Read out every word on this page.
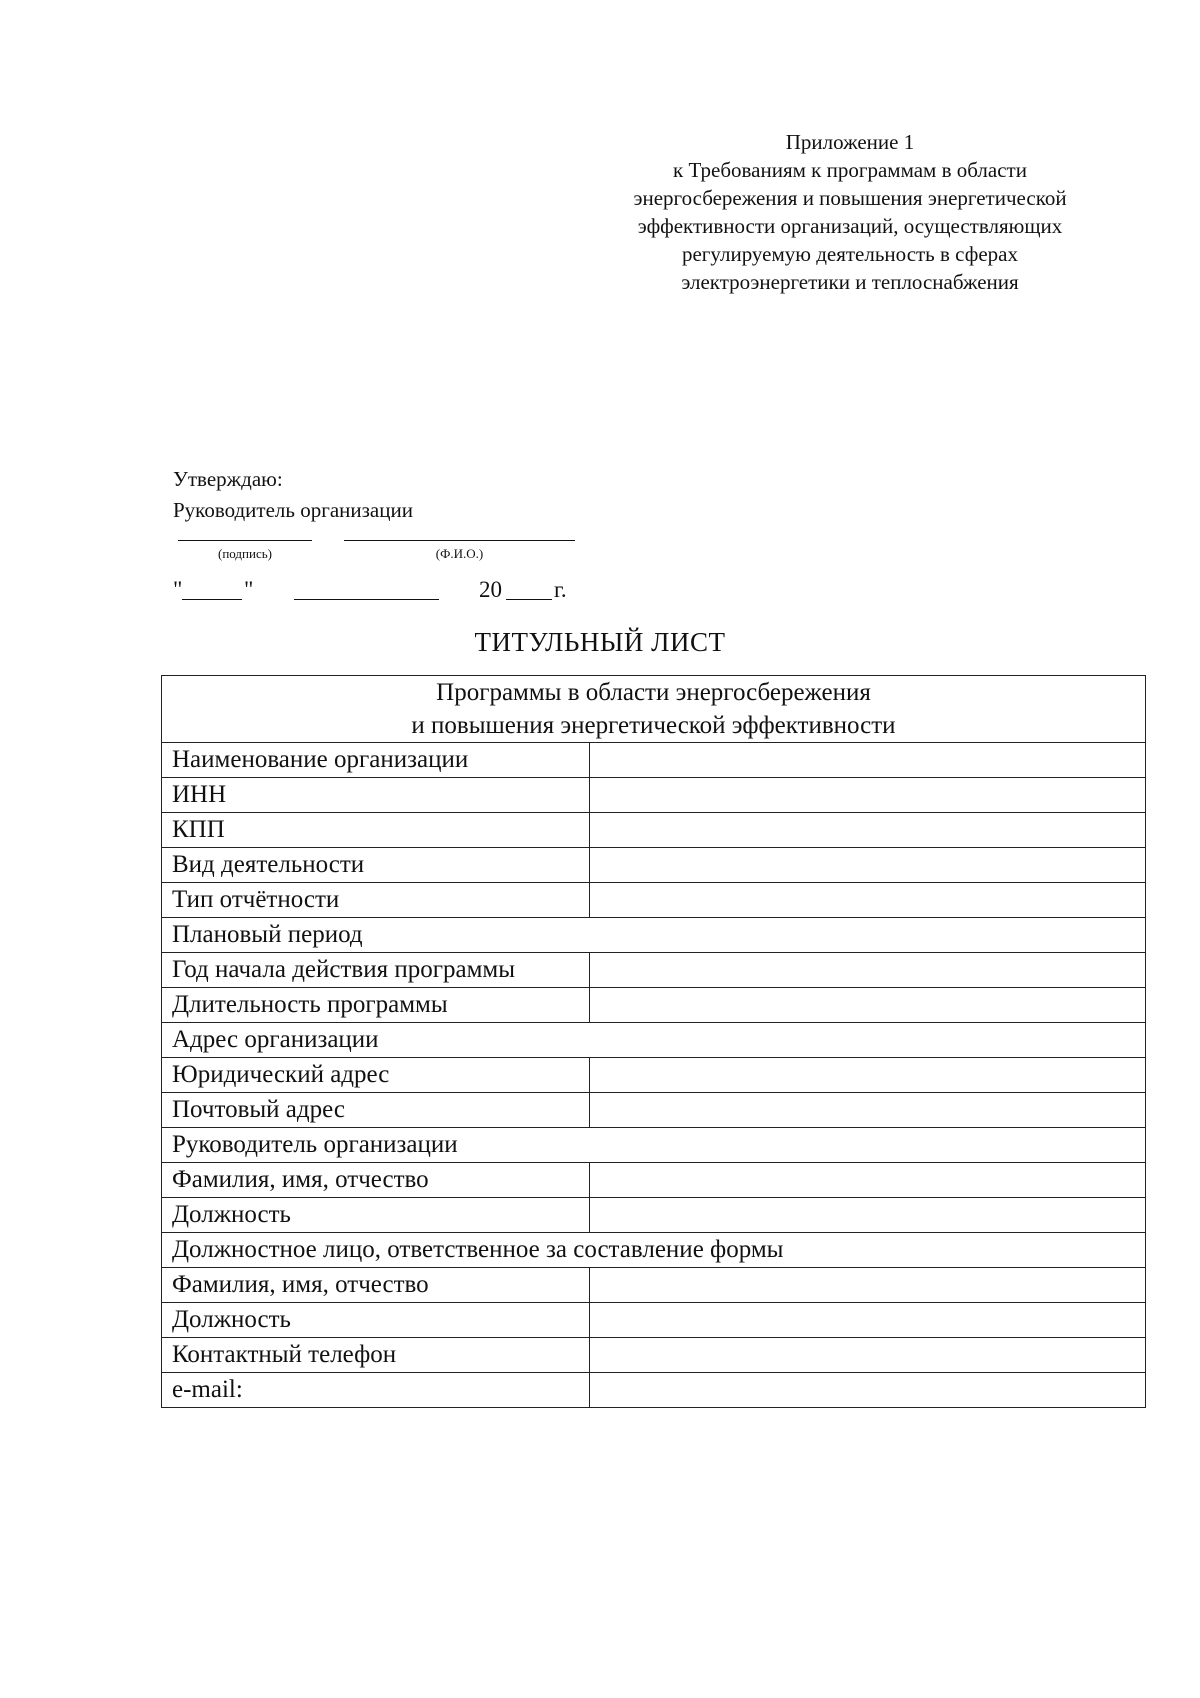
Приложение 1
к Требованиям к программам в области
энергосбережения и повышения энергетической
эффективности организаций, осуществляющих
регулируемую деятельность в сферах
электроэнергетики и теплоснабжения
Утверждаю:
Руководитель организации
(подпись)	(Ф.И.О.)
"	"	20 г.
ТИТУЛЬНЫЙ ЛИСТ
Программы в области энергосбережения
и повышения энергетической эффективности	

Наименование организации	
ИНН	
КПП	
Вид деятельности	
Тип отчётности	
Плановый период	
Год начала действия программы	
Длительность программы	
Адрес организации	
Юридический адрес	
Почтовый адрес	
Руководитель организации	
Фамилия, имя, отчество	
Должность	
Должностное лицо, ответственное за составление формы	
Фамилия, имя, отчество	
Должность	
Контактный телефон	
e-mail:	
